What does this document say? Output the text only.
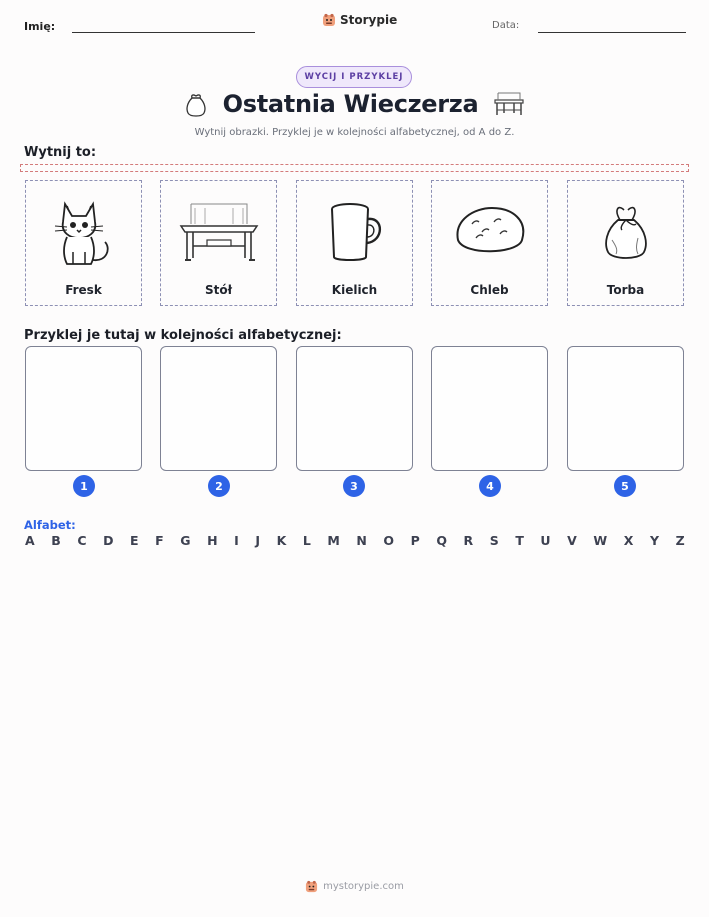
Imię:	Storypie	Data:
WYCIJ I PRZYKLEJ
Ostatnia Wieczerza
Wytnij obrazki. Przyklej je w kolejności alfabetycznej, od A do Z.
Wytnij to:
Fresk	Stół	Kielich	Chleb	Torba
Przyklej je tutaj w kolejności alfabetycznej:
1	2	3	4	5
Alfabet:
A B C D E F G H I J K L M N O P Q R S T U V W X Y Z
mystorypie.com
